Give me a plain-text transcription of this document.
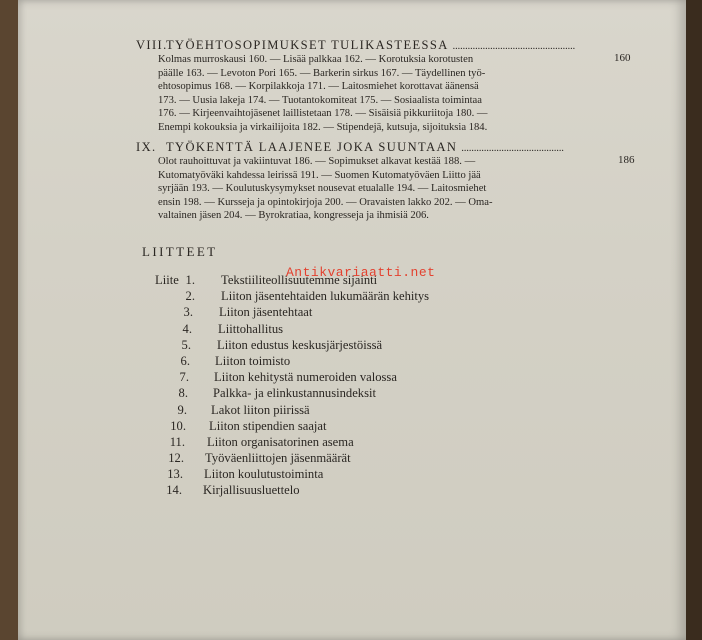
VIII.TYÖEHTOSOPIMUKSET TULIKASTEESSA .................................................
Kolmas murroskausi 160. — Lisää palkkaa 162. — Korotuksia korotusten
päälle 163. — Levoton Pori 165. — Barkerin sirkus 167. — Täydellinen työ-
ehtosopimus 168. — Korpilakkoja 171. — Laitosmiehet korottavat äänensä
173. — Uusia lakeja 174. — Tuotantokomiteat 175. — Sosiaalista toimintaa
176. — Kirjeenvaihtojäsenet laillistetaan 178. — Sisäisiä pikkuriitoja 180. —
Enempi kokouksia ja virkailijoita 182. — Stipendejä, kutsuja, sijoituksia 184.
160
IX. TYÖKENTTÄ LAAJENEE JOKA SUUNTAAN .........................................
Olot rauhoittuvat ja vakiintuvat 186. — Sopimukset alkavat kestää 188. —
Kutomatyöväki kahdessa leirissä 191. — Suomen Kutomatyöväen Liitto jää
syrjään 193. — Koulutuskysymykset nousevat etualalle 194. — Laitosmiehet
ensin 198. — Kursseja ja opintokirjoja 200. — Oravaisten lakko 202. — Oma-
valtainen jäsen 204. — Byrokratiaa, kongresseja ja ihmisiä 206.
186
LIITTEET
Liite 1. Tekstiiliteollisuutemme sijainti
2. Liiton jäsentehtaiden lukumäärän kehitys
3. Liiton jäsentehtaat
4. Liittohallitus
5. Liiton edustus keskusjärjestöissä
6. Liiton toimisto
7. Liiton kehitystä numeroiden valossa
8. Palkka- ja elinkustannusindeksit
9. Lakot liiton piirissä
10. Liiton stipendien saajat
11. Liiton organisatorinen asema
12. Työväenliittojen jäsenmäärät
13. Liiton koulutustoiminta
14. Kirjallisuusluettelo
Antikvariaatti.net
